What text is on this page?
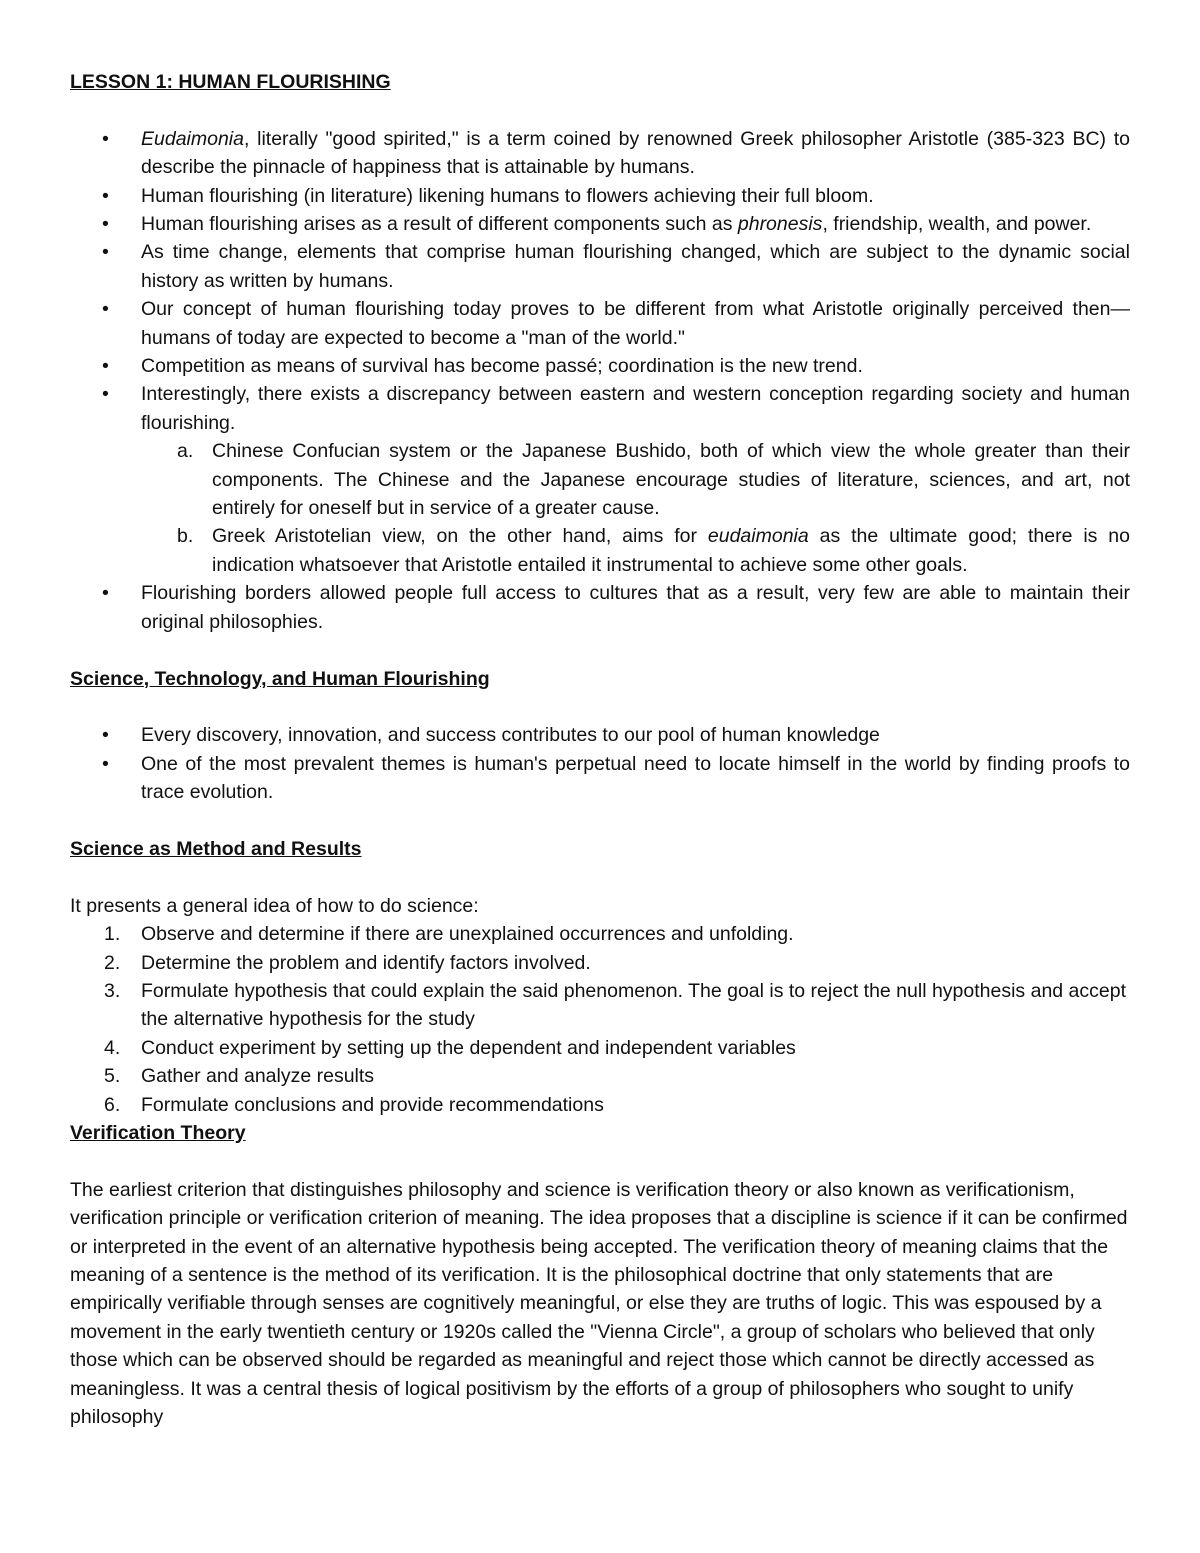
LESSON 1: HUMAN FLOURISHING
• Eudaimonia, literally "good spirited," is a term coined by renowned Greek philosopher Aristotle (385-323 BC) to describe the pinnacle of happiness that is attainable by humans.
• Human flourishing (in literature) likening humans to flowers achieving their full bloom.
• Human flourishing arises as a result of different components such as phronesis, friendship, wealth, and power.
• As time change, elements that comprise human flourishing changed, which are subject to the dynamic social history as written by humans.
• Our concept of human flourishing today proves to be different from what Aristotle originally perceived then—humans of today are expected to become a "man of the world."
• Competition as means of survival has become passé; coordination is the new trend.
• Interestingly, there exists a discrepancy between eastern and western conception regarding society and human flourishing.
a. Chinese Confucian system or the Japanese Bushido, both of which view the whole greater than their components. The Chinese and the Japanese encourage studies of literature, sciences, and art, not entirely for oneself but in service of a greater cause.
b. Greek Aristotelian view, on the other hand, aims for eudaimonia as the ultimate good; there is no indication whatsoever that Aristotle entailed it instrumental to achieve some other goals.
• Flourishing borders allowed people full access to cultures that as a result, very few are able to maintain their original philosophies.
Science, Technology, and Human Flourishing
• Every discovery, innovation, and success contributes to our pool of human knowledge
• One of the most prevalent themes is human's perpetual need to locate himself in the world by finding proofs to trace evolution.
Science as Method and Results

It presents a general idea of how to do science:

1. Observe and determine if there are unexplained occurrences and unfolding.
2. Determine the problem and identify factors involved.
3. Formulate hypothesis that could explain the said phenomenon. The goal is to reject the null hypothesis and accept the alternative hypothesis for the study
4. Conduct experiment by setting up the dependent and independent variables
5. Gather and analyze results
6. Formulate conclusions and provide recommendations
Verification Theory

The earliest criterion that distinguishes philosophy and science is verification theory or also known as verificationism, verification principle or verification criterion of meaning. The idea proposes that a discipline is science if it can be confirmed or interpreted in the event of an alternative hypothesis being accepted. The verification theory of meaning claims that the meaning of a sentence is the method of its verification. It is the philosophical doctrine that only statements that are empirically verifiable through senses are cognitively meaningful, or else they are truths of logic. This was espoused by a movement in the early twentieth century or 1920s called the "Vienna Circle", a group of scholars who believed that only those which can be observed should be regarded as meaningful and reject those which cannot be directly accessed as meaningless. It was a central thesis of logical positivism by the efforts of a group of philosophers who sought to unify philosophy
